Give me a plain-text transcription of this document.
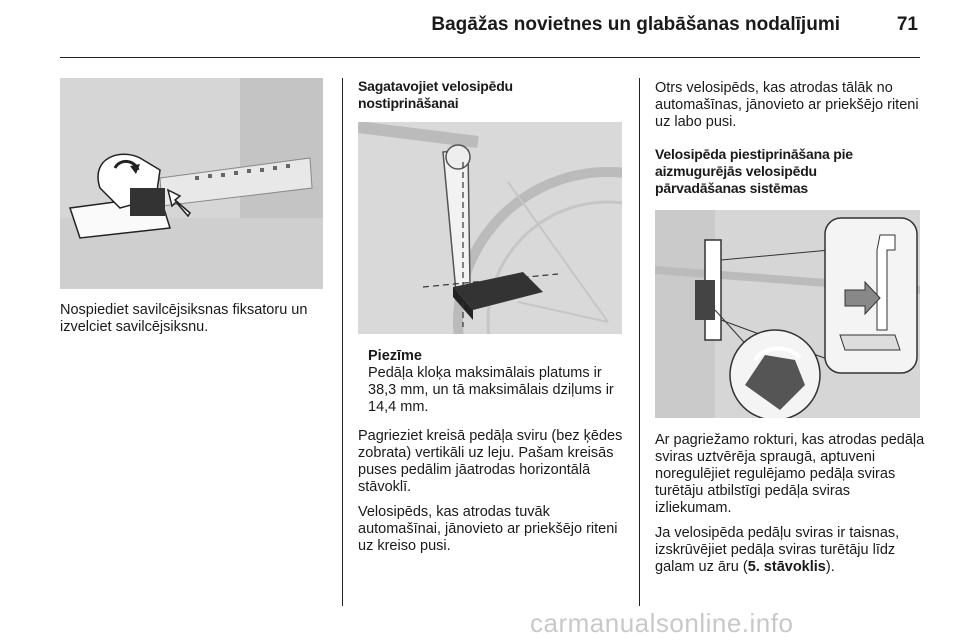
Bagāžas novietnes un glabāšanas nodalījumi	71
Nospiediet savilcējsiksnas fiksatoru un izvelciet savilcējsiksnu.
Sagatavojiet velosipēdu
nostiprināšanai
Piezīme
Pedāļa kloķa maksimālais platums ir 38,3 mm, un tā maksimālais dziļums ir 14,4 mm.

Pagrieziet kreisā pedāļa sviru (bez ķēdes zobrata) vertikāli uz leju. Pašam kreisās puses pedālim jāatrodas horizontālā stāvoklī.

Velosipēds, kas atrodas tuvāk automašīnai, jānovieto ar priekšējo riteni uz kreiso pusi.

Otrs velosipēds, kas atrodas tālāk no automašīnas, jānovieto ar priekšējo riteni uz labo pusi.
Velosipēda piestiprināšana pie
aizmugurējās velosipēdu
pārvadāšanas sistēmas

Ar pagriežamo rokturi, kas atrodas pedāļa sviras uztvērēja spraugā, aptuveni noregulējiet regulējamo pedāļa sviras turētāju atbilstīgi pedāļa sviras izliekumam.

Ja velosipēda pedāļu sviras ir taisnas, izskrūvējiet pedāļa sviras turētāju līdz galam uz āru (5. stāvoklis).

carmanualsonline.info
